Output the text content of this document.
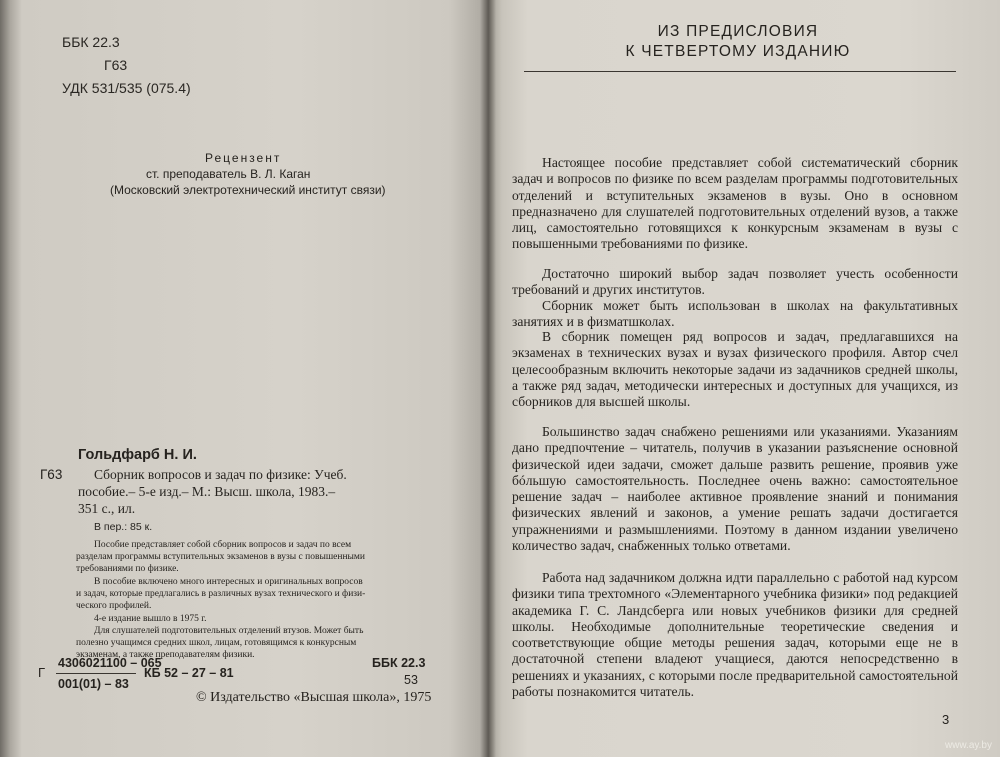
ББК 22.3
Г63
УДК 531/535 (075.4)
Рецензент
ст. преподаватель В. Л. Каган
(Московский электротехнический институт связи)
Гольдфарб Н. И.
Г63 Сборник вопросов и задач по физике: Учеб.
пособие.– 5-е изд.– М.: Высш. школа, 1983.–
351 с., ил.
В пер.: 85 к.
Пособие представляет собой сборник вопросов и задач по всем
разделам программы вступительных экзаменов в вузы с повышенными
требованиями по физике.
В пособие включено много интересных и оригинальных вопросов
и задач, которые предлагались в различных вузах технического и физи-
ческого профилей.
4-е издание вышло в 1975 г.
Для слушателей подготовительных отделений втузов. Может быть
полезно учащимся средних школ, лицам, готовящимся к конкурсным
экзаменам, а также преподавателям физики.
Г
4306021100 – 065
001(01) – 83
КБ 52 – 27 – 81
ББК 22.3
53
© Издательство «Высшая школа», 1975
ИЗ ПРЕДИСЛОВИЯ
К ЧЕТВЕРТОМУ ИЗДАНИЮ
Настоящее пособие представляет собой систематический сборник задач и вопросов по физике по всем разделам программы подготовительных отделений и вступительных экзаменов в вузы. Оно в основном предназначено для слушателей подготовительных отделений вузов, а также лиц, самостоятельно готовящихся к конкурсным экзаменам в вузы с повышенными требованиями по физике.
Достаточно широкий выбор задач позволяет учесть особенности требований и других институтов.
Сборник может быть использован в школах на факультативных занятиях и в физматшколах.
В сборник помещен ряд вопросов и задач, предлагавшихся на экзаменах в технических вузах и вузах физического профиля. Автор счел целесообразным включить некоторые задачи из задачников средней школы, а также ряд задач, методически интересных и доступных для учащихся, из сборников для высшей школы.
Большинство задач снабжено решениями или указаниями. Указаниям дано предпочтение – читатель, получив в указании разъяснение основной физической идеи задачи, сможет дальше развить решение, проявив уже бóльшую самостоятельность. Последнее очень важно: самостоятельное решение задач – наиболее активное проявление знаний и понимания физических явлений и законов, а умение решать задачи достигается упражнениями и размышлениями. Поэтому в данном издании увеличено количество задач, снабженных только ответами.
Работа над задачником должна идти параллельно с работой над курсом физики типа трехтомного «Элементарного учебника физики» под редакцией академика Г. С. Ландсберга или новых учебников физики для средней школы. Необходимые дополнительные теоретические сведения и соответствующие общие методы решения задач, которыми еще не в достаточной степени владеют учащиеся, даются непосредственно в решениях и указаниях, с которыми после предварительной самостоятельной работы познакомится читатель.
3
www.ay.by
